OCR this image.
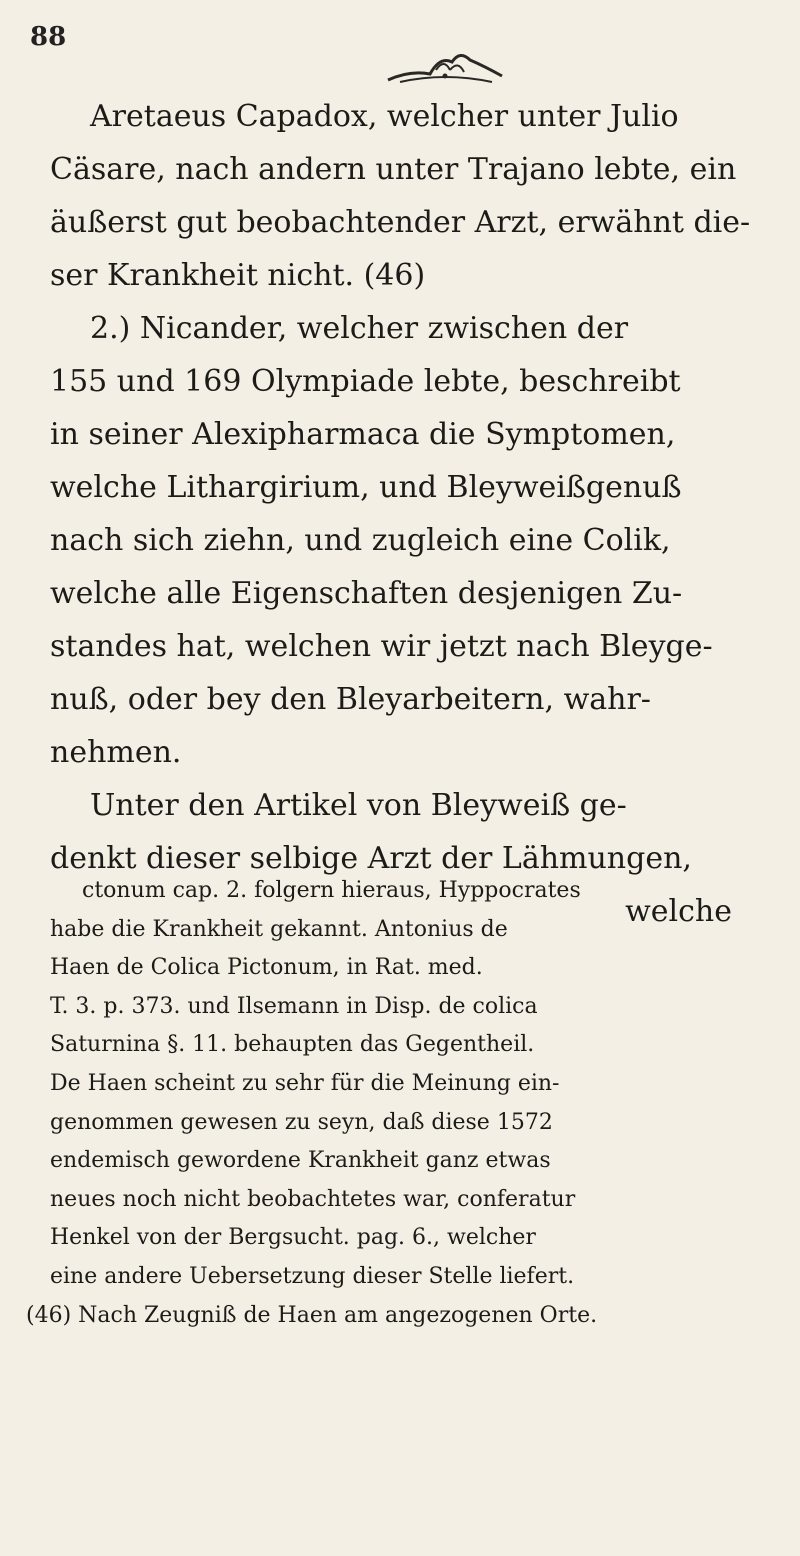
88
Aretaeus Capadox, welcher unter Julio
Cäsare, nach andern unter Trajano lebte, ein
äußerst gut beobachtender Arzt, erwähnt die-
ser Krankheit nicht. (46)
2.) Nicander, welcher zwischen der
155 und 169 Olympiade lebte, beschreibt
in seiner Alexipharmaca die Symptomen,
welche Lithargirium, und Bleyweißgenuß
nach sich ziehn, und zugleich eine Colik,
welche alle Eigenschaften desjenigen Zu-
standes hat, welchen wir jetzt nach Bleyge-
nuß, oder bey den Bleyarbeitern, wahr-
nehmen.
Unter den Artikel von Bleyweiß ge-
denkt dieser selbige Arzt der Lähmungen,
welche
ctonum cap. 2. folgern hieraus, Hyppocrates
habe die Krankheit gekannt. Antonius de
Haen de Colica Pictonum, in Rat. med.
T. 3. p. 373. und Ilsemann in Disp. de colica
Saturnina §. 11. behaupten das Gegentheil.
De Haen scheint zu sehr für die Meinung ein-
genommen gewesen zu seyn, daß diese 1572
endemisch gewordene Krankheit ganz etwas
neues noch nicht beobachtetes war, conferatur
Henkel von der Bergsucht. pag. 6., welcher
eine andere Uebersetzung dieser Stelle liefert.
(46) Nach Zeugniß de Haen am angezogenen Orte.
